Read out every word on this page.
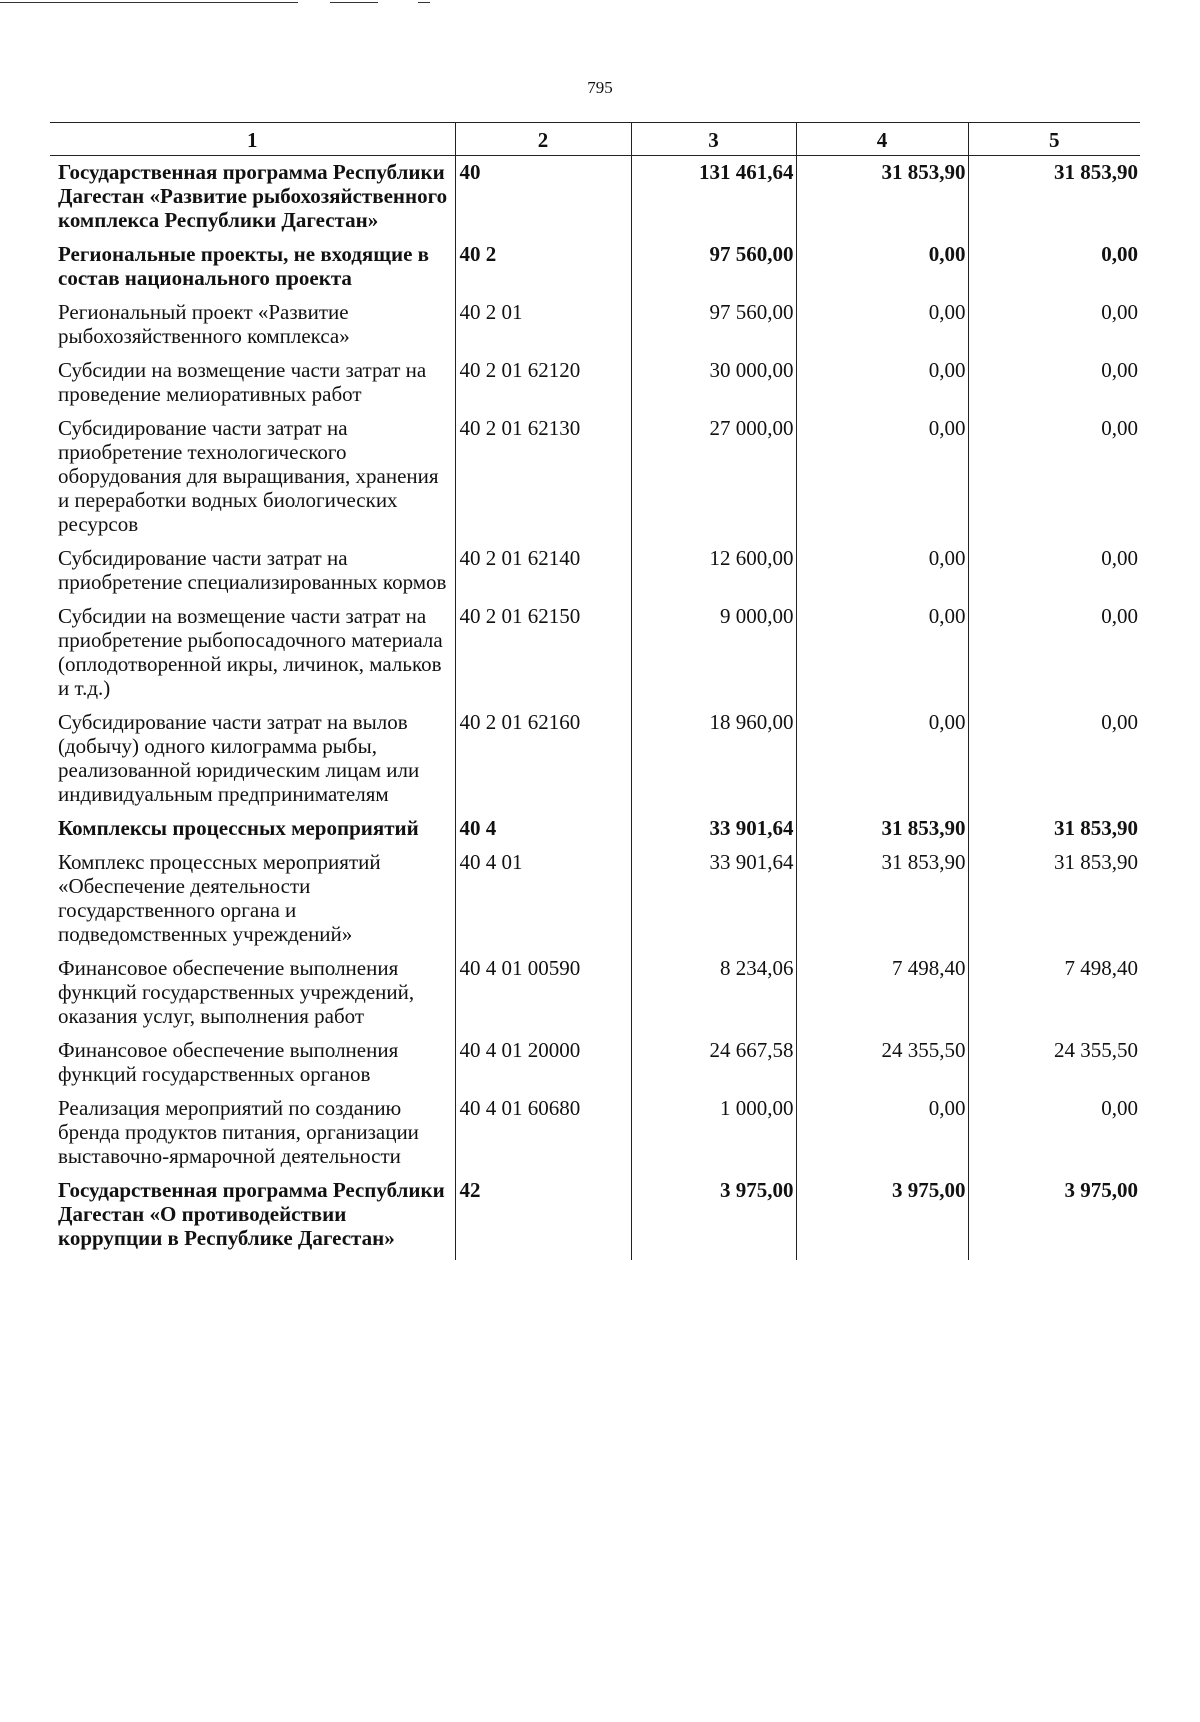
795
1	2	3	4	5
Государственная программа Республики Дагестан «Развитие рыбохозяйственного комплекса Республики Дагестан»	40	131 461,64	31 853,90	31 853,90
Региональные проекты, не входящие в состав национального проекта	40 2	97 560,00	0,00	0,00
Региональный проект «Развитие рыбохозяйственного комплекса»	40 2 01	97 560,00	0,00	0,00
Субсидии на возмещение части затрат на проведение мелиоративных работ	40 2 01 62120	30 000,00	0,00	0,00
Субсидирование части затрат на приобретение технологического оборудования для выращивания, хранения и переработки водных биологических ресурсов	40 2 01 62130	27 000,00	0,00	0,00
Субсидирование части затрат на приобретение специализированных кормов	40 2 01 62140	12 600,00	0,00	0,00
Субсидии на возмещение части затрат на приобретение рыбопосадочного материала (оплодотворенной икры, личинок, мальков и т.д.)	40 2 01 62150	9 000,00	0,00	0,00
Субсидирование части затрат на вылов (добычу) одного килограмма рыбы, реализованной юридическим лицам или индивидуальным предпринимателям	40 2 01 62160	18 960,00	0,00	0,00
Комплексы процессных мероприятий	40 4	33 901,64	31 853,90	31 853,90
Комплекс процессных мероприятий «Обеспечение деятельности государственного органа и подведомственных учреждений»	40 4 01	33 901,64	31 853,90	31 853,90
Финансовое обеспечение выполнения функций государственных учреждений, оказания услуг, выполнения работ	40 4 01 00590	8 234,06	7 498,40	7 498,40
Финансовое обеспечение выполнения функций государственных органов	40 4 01 20000	24 667,58	24 355,50	24 355,50
Реализация мероприятий по созданию бренда продуктов питания, организации выставочно-ярмарочной деятельности	40 4 01 60680	1 000,00	0,00	0,00
Государственная программа Республики Дагестан «О противодействии коррупции в Республике Дагестан»	42	3 975,00	3 975,00	3 975,00
